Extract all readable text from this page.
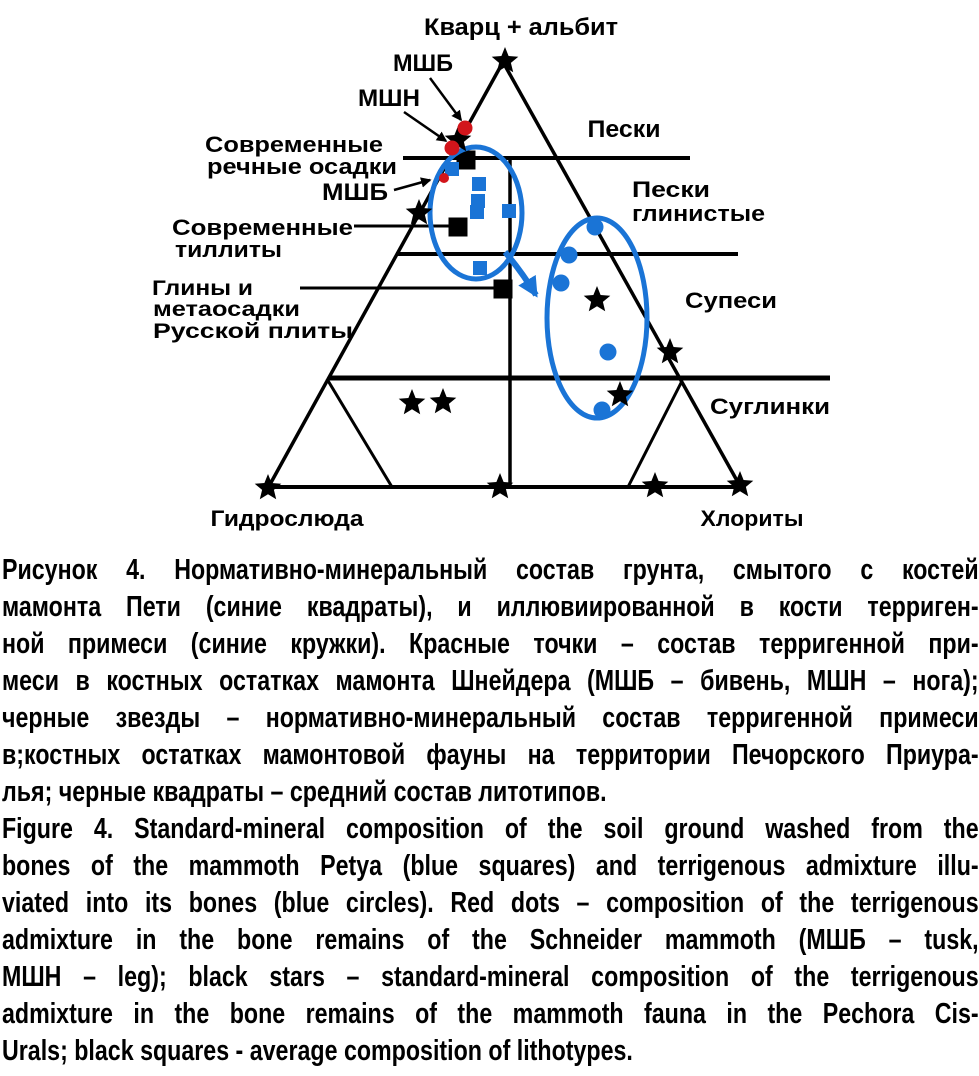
Кварц + альбит
МШБ
МШН
Современные
речные осадки
МШБ
Современные
тиллиты
Глины и
метаосадки
Русской плиты
Пески
Пески
глинистые
Супеси
Суглинки
Гидрослюда	Хлориты
Рисунок 4. Нормативно-минеральный состав грунта, смытого с костей
мамонта Пети (синие квадраты), и иллювиированной в кости терриген-
ной примеси (синие кружки). Красные точки – состав терригенной при-
меси в костных остатках мамонта Шнейдера (МШБ – бивень, МШН – нога);
черные звезды – нормативно-минеральный состав терригенной примеси
в;костных остатках мамонтовой фауны на территории Печорского Приура-
лья; черные квадраты – средний состав литотипов.
Figure 4. Standard-mineral composition of the soil ground washed from the
bones of the mammoth Petya (blue squares) and terrigenous admixture illu-
viated into its bones (blue circles). Red dots – composition of the terrigenous
admixture in the bone remains of the Schneider mammoth (МШБ – tusk,
МШН – leg); black stars – standard-mineral composition of the terrigenous
admixture in the bone remains of the mammoth fauna in the Pechora Cis-
Urals; black squares - average composition of lithotypes.
